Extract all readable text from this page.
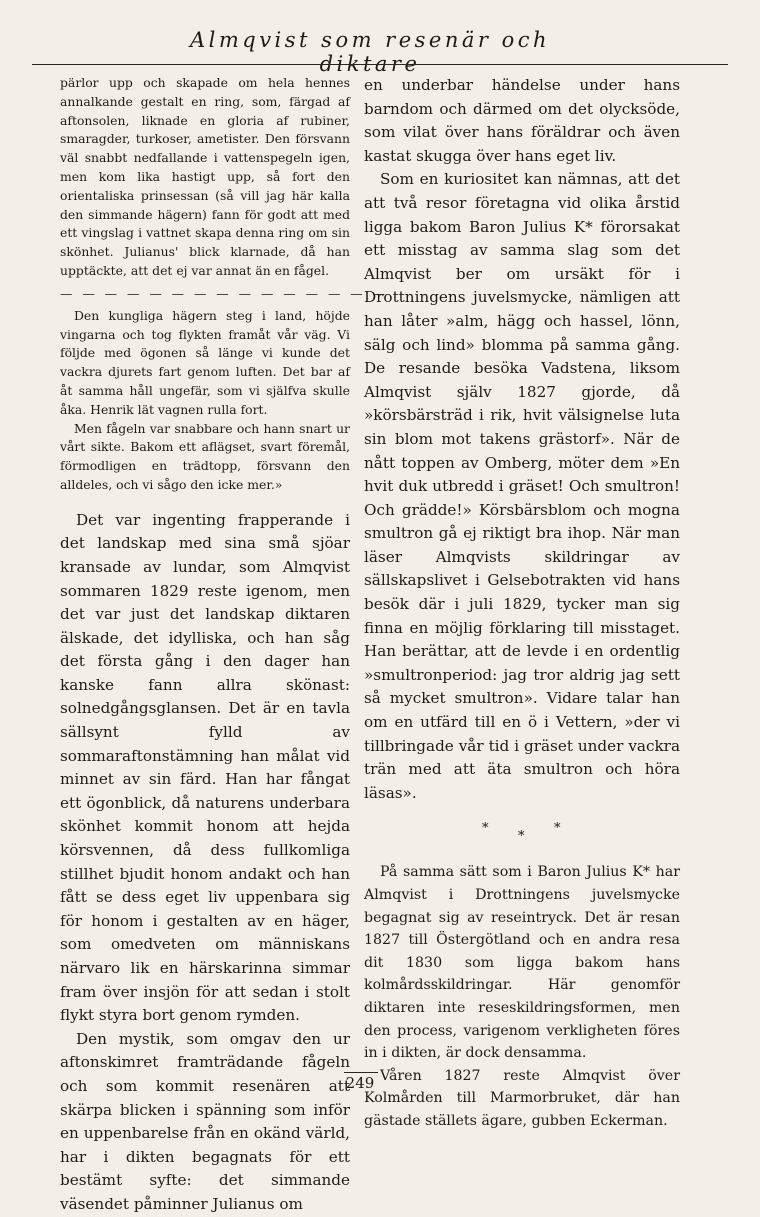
Almqvist som resenär och diktare

pärlor upp och skapade om hela hennes annalkande gestalt en ring, som, färgad af aftonsolen, liknade en gloria af rubiner, smaragder, turkoser, ametister. Den försvann väl snabbt nedfallande i vattenspegeln igen, men kom lika hastigt upp, så fort den orientaliska prinsessan (så vill jag här kalla den simmande hägern) fann för godt att med ett vingslag i vattnet skapa denna ring om sin skönhet. Julianus' blick klarnade, då han upptäckte, att det ej var annat än en fågel.

— — — — — — — — — — — — — — —

Den kungliga hägern steg i land, höjde vingarna och tog flykten framåt vår väg. Vi följde med ögonen så länge vi kunde det vackra djurets fart genom luften. Det bar af åt samma håll ungefär, som vi själfva skulle åka. Henrik lät vagnen rulla fort.

Men fågeln var snabbare och hann snart ur vårt sikte. Bakom ett aflägset, svart föremål, förmodligen en trädtopp, försvann den alldeles, och vi sågo den icke mer.»

Det var ingenting frapperande i det landskap med sina små sjöar kransade av lundar, som Almqvist sommaren 1829 reste igenom, men det var just det landskap diktaren älskade, det idylliska, och han såg det första gång i den dager han kanske fann allra skönast: solnedgångsglansen. Det är en tavla sällsynt fylld av sommaraftonstämning han målat vid minnet av sin färd. Han har fångat ett ögonblick, då naturens underbara skönhet kommit honom att hejda körsvennen, då dess fullkomliga stillhet bjudit honom andakt och han fått se dess eget liv uppenbara sig för honom i gestalten av en häger, som omedveten om människans närvaro lik en härskarinna simmar fram över insjön för att sedan i stolt flykt styra bort genom rymden.

Den mystik, som omgav den ur aftonskimret framträdande fågeln och som kommit resenären att skärpa blicken i spänning som inför en uppenbarelse från en okänd värld, har i dikten begagnats för ett bestämt syfte: det simmande väsendet påminner Julianus om

en underbar händelse under hans barndom och därmed om det olycksöde, som vilat över hans föräldrar och även kastat skugga över hans eget liv.

Som en kuriositet kan nämnas, att det att två resor företagna vid olika årstid ligga bakom Baron Julius K* förorsakat ett misstag av samma slag som det Almqvist ber om ursäkt för i Drottningens juvelsmycke, nämligen att han låter »alm, hägg och hassel, lönn, sälg och lind» blomma på samma gång. De resande besöka Vadstena, liksom Almqvist själv 1827 gjorde, då »körsbärsträd i rik, hvit välsignelse luta sin blom mot takens grästorf». När de nått toppen av Omberg, möter dem »En hvit duk utbredd i gräset! Och smultron! Och grädde!» Körsbärsblom och mogna smultron gå ej riktigt bra ihop. När man läser Almqvists skildringar av sällskapslivet i Gelsebotrakten vid hans besök där i juli 1829, tycker man sig finna en möjlig förklaring till misstaget. Han berättar, att de levde i en ordentlig »smultronperiod: jag tror aldrig jag sett så mycket smultron». Vidare talar han om en utfärd till en ö i Vettern, »der vi tillbringade vår tid i gräset under vackra trän med att äta smultron och höra läsas».

*
*
*

På samma sätt som i Baron Julius K* har Almqvist i Drottningens juvelsmycke begagnat sig av reseintryck. Det är resan 1827 till Östergötland och en andra resa dit 1830 som ligga bakom hans kolmårdsskildringar. Här genomför diktaren inte reseskildringsformen, men den process, varigenom verkligheten föres in i dikten, är dock densamma.

Våren 1827 reste Almqvist över Kolmården till Marmorbruket, där han gästade ställets ägare, gubben Eckerman.

249
